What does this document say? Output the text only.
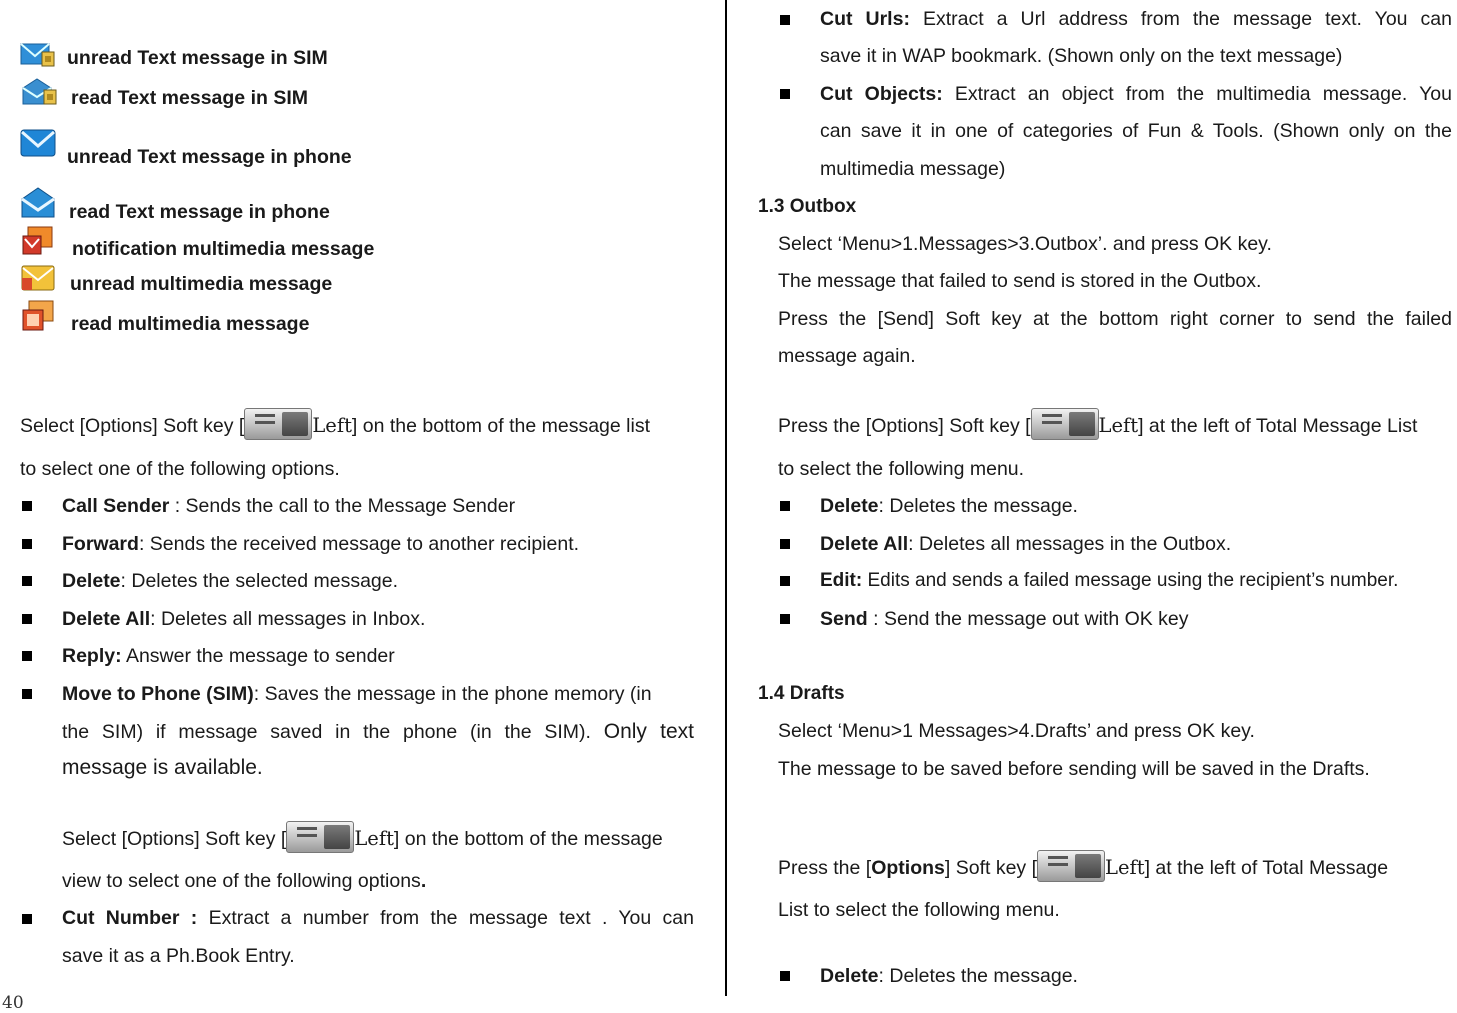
unread Text message in SIM
read Text message in SIM
unread Text message in phone
read Text message in phone
notification multimedia message
unread multimedia message
read multimedia message
Select [Options] Soft key [	Left] on the bottom of the message list
to select one of the following options.
Call Sender : Sends the call to the Message Sender
Forward: Sends the received message to another recipient.
Delete: Deletes the selected message.
Delete All: Deletes all messages in Inbox.
Reply: Answer the message to sender
Move to Phone (SIM): Saves the message in the phone memory (in
the SIM) if message saved in the phone (in the SIM). Only text
message is available.
Select [Options] Soft key [	Left] on the bottom of the message
view to select one of the following options.
Cut Number : Extract a number from the message text . You can
save it as a Ph.Book Entry.
40
Cut Urls: Extract a Url address from the message text. You can
save it in WAP bookmark. (Shown only on the text message)
Cut Objects: Extract an object from the multimedia message. You
can save it in one of categories of Fun & Tools. (Shown only on the
multimedia message)
1.3 Outbox
Select ‘Menu>1.Messages>3.Outbox’. and press OK key.
The message that failed to send is stored in the Outbox.
Press the [Send] Soft key at the bottom right corner to send the failed
message again.
Press the [Options] Soft key [	Left] at the left of Total Message List
to select the following menu.
Delete: Deletes the message.
Delete All: Deletes all messages in the Outbox.
Edit: Edits and sends a failed message using the recipient’s number.
Send : Send the message out with OK key
1.4 Drafts
Select ‘Menu>1 Messages>4.Drafts’ and press OK key.
The message to be saved before sending will be saved in the Drafts.
Press the [Options] Soft key [	Left] at the left of Total Message
List to select the following menu.
Delete: Deletes the message.
